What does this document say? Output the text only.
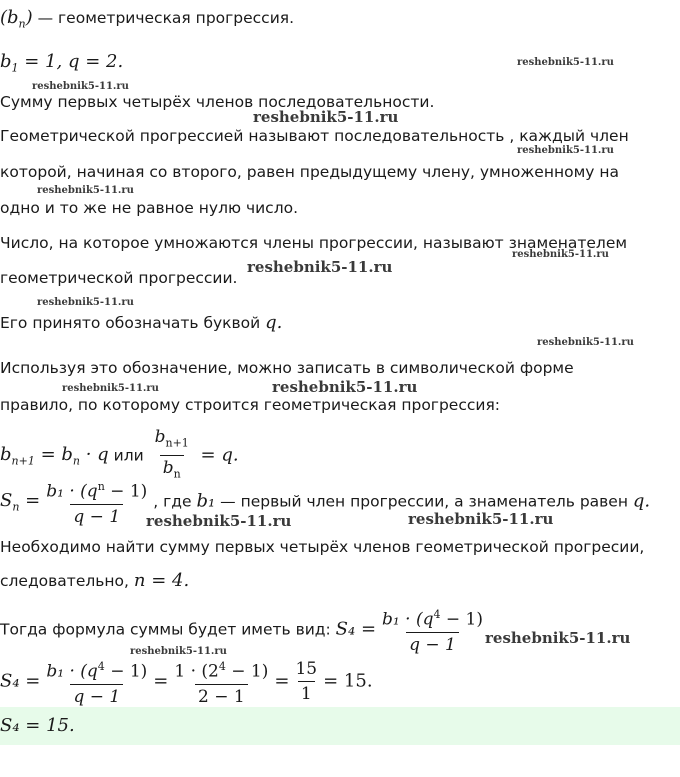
$(b_n)$ — геометрическая прогрессия.
$b_1 = 1$, q = 2.
Сумму первых четырёх членов последовательности.
Геометрической прогрессией называют последовательность , каждый член
которой, начиная со второго, равен предыдущему члену, умноженному на
одно и то же не равное нулю число.
Число, на которое умножаются члены прогрессии, называют знаменателем
геометрической прогрессии.
Его принято обозначать буквой q.
Используя это обозначение, можно записать в символической форме
правило, по которому строится геометрическая прогрессия:
$b_{n+1} = b_n \cdot q$ или $\frac{b_{n+1}}{b_n} = q$.
$S_n = \frac{b_1 \cdot (q^n - 1)}{q - 1}$ , где b₁ — первый член прогрессии, а знаменатель равен q.
Необходимо найти сумму первых четырёх членов геометрической прогресии,
следовательно, n = 4.
Тогда формула суммы будет иметь вид: $S_4 = \frac{b_1 \cdot (q^4 - 1)}{q - 1}$
$S_4 = \frac{b_1 \cdot (q^4 - 1)}{q - 1} = \frac{1 \cdot (2^4 - 1)}{2 - 1} = \frac{15}{1} = 15$.
S₄ = 15.
reshebnik5-11.ru
reshebnik5-11.ru
reshebnik5-11.ru
reshebnik5-11.ru
reshebnik5-11.ru
reshebnik5-11.ru
reshebnik5-11.ru
reshebnik5-11.ru
reshebnik5-11.ru
reshebnik5-11.ru	reshebnik5-11.ru
reshebnik5-11.ru	reshebnik5-11.ru
reshebnik5-11.ru
reshebnik5-11.ru
